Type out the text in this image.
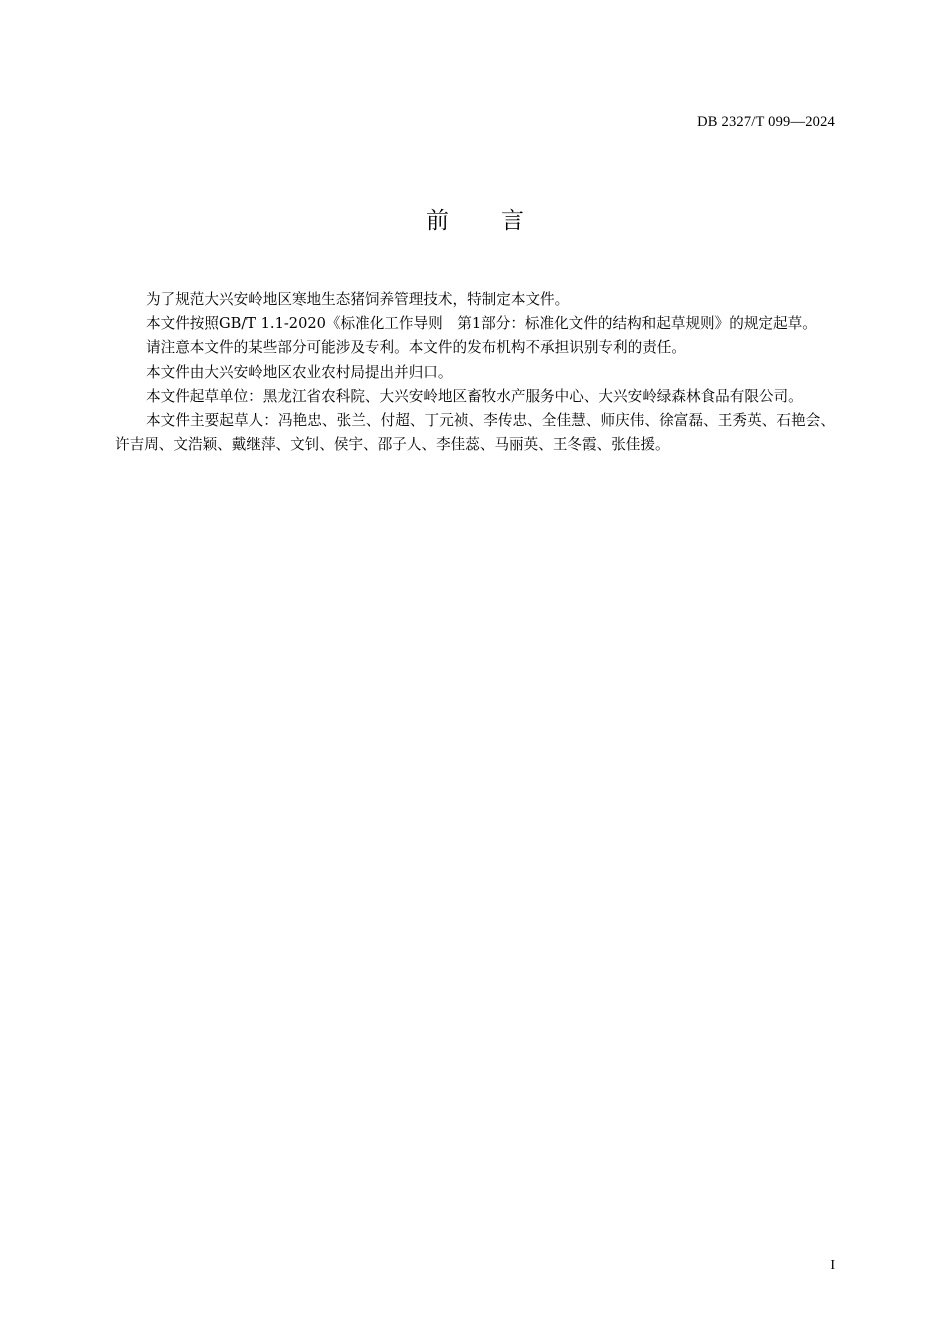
DB 2327/T 099—2024
前 言

为了规范大兴安岭地区寒地生态猪饲养管理技术，特制定本文件。

本文件按照GB/T 1.1-2020《标准化工作导则　第1部分：标准化文件的结构和起草规则》的规定起草。

请注意本文件的某些部分可能涉及专利。本文件的发布机构不承担识别专利的责任。

本文件由大兴安岭地区农业农村局提出并归口。

本文件起草单位：黑龙江省农科院、大兴安岭地区畜牧水产服务中心、大兴安岭绿森林食品有限公司。

本文件主要起草人：冯艳忠、张兰、付超、丁元祯、李传忠、全佳慧、师庆伟、徐富磊、王秀英、石艳会、许吉周、文浩颖、戴继萍、文钊、侯宇、邵子人、李佳蕊、马丽英、王冬霞、张佳援。

I
